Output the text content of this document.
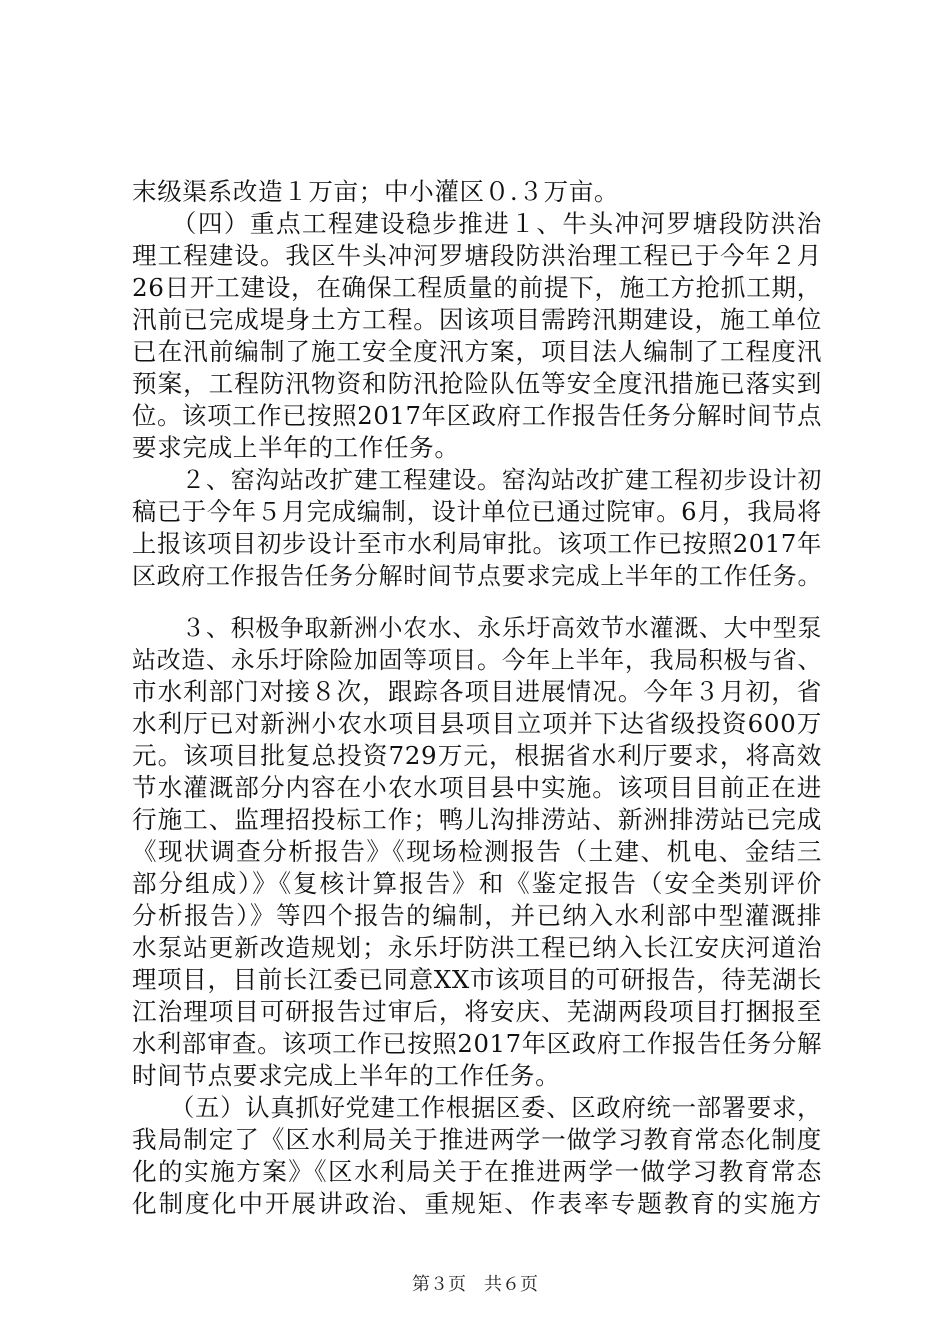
末级渠系改造１万亩；中小灌区０.３万亩。
　　（四）重点工程建设稳步推进１、牛头冲河罗塘段防洪治
理工程建设。我区牛头冲河罗塘段防洪治理工程已于今年２月
26日开工建设，在确保工程质量的前提下，施工方抢抓工期，
汛前已完成堤身土方工程。因该项目需跨汛期建设，施工单位
已在汛前编制了施工安全度汛方案，项目法人编制了工程度汛
预案，工程防汛物资和防汛抢险队伍等安全度汛措施已落实到
位。该项工作已按照2017年区政府工作报告任务分解时间节点
要求完成上半年的工作任务。
　　２、窑沟站改扩建工程建设。窑沟站改扩建工程初步设计初
稿已于今年５月完成编制，设计单位已通过院审。6月，我局将
上报该项目初步设计至市水利局审批。该项工作已按照2017年
区政府工作报告任务分解时间节点要求完成上半年的工作任务。
　　３、积极争取新洲小农水、永乐圩高效节水灌溉、大中型泵
站改造、永乐圩除险加固等项目。今年上半年，我局积极与省、
市水利部门对接８次，跟踪各项目进展情况。今年３月初，省
水利厅已对新洲小农水项目县项目立项并下达省级投资600万
元。该项目批复总投资729万元，根据省水利厅要求，将高效
节水灌溉部分内容在小农水项目县中实施。该项目目前正在进
行施工、监理招投标工作；鸭儿沟排涝站、新洲排涝站已完成
《现状调查分析报告》《现场检测报告（土建、机电、金结三
部分组成）》《复核计算报告》和《鉴定报告（安全类别评价
分析报告）》等四个报告的编制，并已纳入水利部中型灌溉排
水泵站更新改造规划；永乐圩防洪工程已纳入长江安庆河道治
理项目，目前长江委已同意XX市该项目的可研报告，待芜湖长
江治理项目可研报告过审后，将安庆、芜湖两段项目打捆报至
水利部审查。该项工作已按照2017年区政府工作报告任务分解
时间节点要求完成上半年的工作任务。
　　（五）认真抓好党建工作根据区委、区政府统一部署要求，
我局制定了《区水利局关于推进两学一做学习教育常态化制度
化的实施方案》《区水利局关于在推进两学一做学习教育常态
化制度化中开展讲政治、重规矩、作表率专题教育的实施方
第３页　共６页
